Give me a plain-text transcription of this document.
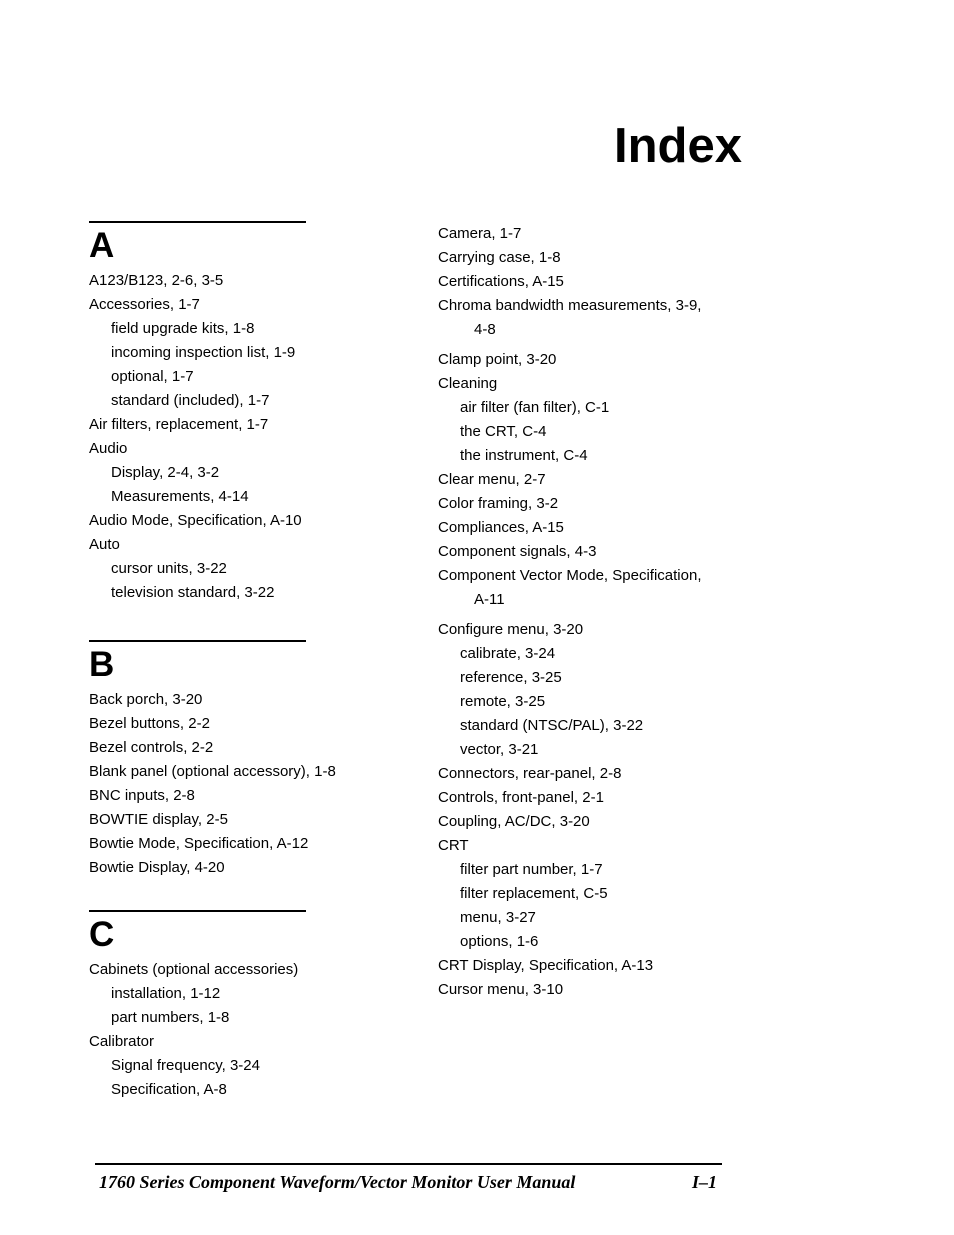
Index
A
A123/B123, 2-6, 3-5
Accessories, 1-7
field upgrade kits, 1-8
incoming inspection list, 1-9
optional, 1-7
standard (included), 1-7
Air filters, replacement, 1-7
Audio
Display, 2-4, 3-2
Measurements, 4-14
Audio Mode, Specification, A-10
Auto
cursor units, 3-22
television standard, 3-22
B
Back porch, 3-20
Bezel buttons, 2-2
Bezel controls, 2-2
Blank panel (optional accessory), 1-8
BNC inputs, 2-8
BOWTIE display, 2-5
Bowtie Mode, Specification, A-12
Bowtie Display, 4-20
C
Cabinets (optional accessories)
installation, 1-12
part numbers, 1-8
Calibrator
Signal frequency, 3-24
Specification, A-8
Camera, 1-7
Carrying case, 1-8
Certifications, A-15
Chroma bandwidth measurements, 3-9,
4-8
Clamp point, 3-20
Cleaning
air filter (fan filter), C-1
the CRT, C-4
the instrument, C-4
Clear menu, 2-7
Color framing, 3-2
Compliances, A-15
Component signals, 4-3
Component Vector Mode, Specification,
A-11
Configure menu, 3-20
calibrate, 3-24
reference, 3-25
remote, 3-25
standard (NTSC/PAL), 3-22
vector, 3-21
Connectors, rear-panel, 2-8
Controls, front-panel, 2-1
Coupling, AC/DC, 3-20
CRT
filter part number, 1-7
filter replacement, C-5
menu, 3-27
options, 1-6
CRT Display, Specification, A-13
Cursor menu, 3-10
1760 Series Component Waveform/Vector Monitor User Manual	I–1
